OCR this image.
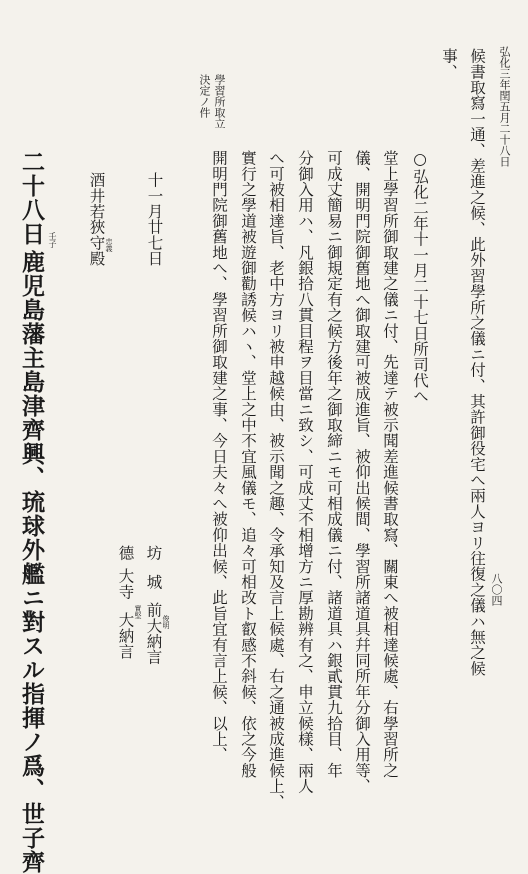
弘化三年閏五月二十八日
八〇四
學習所取立
決定ノ件	候書取寫一通、差進之候、此外習學所之儀ニ付、其許御役宅へ兩人ヨリ往復之儀ハ無之候
事、
○弘化二年十一月二十七日所司代へ
堂上學習所御取建之儀ニ付、先達テ被示聞差進候書取寫、關東へ被相達候處、右學習所之
儀、開明門院御舊地へ御取建可被成進旨、被仰出候間、學習所諸道具幷同所年分御入用等、
可成丈簡易ニ御規定有之候方後年之御取締ニモ可相成儀ニ付、諸道具ハ銀貳貫九拾目、年
分御入用ハ、凡銀拾八貫目程ヲ目當ニ致シ、可成丈不相增方ニ厚勘辨有之、申立候樣、兩人
へ可被相達旨、老中方ヨリ被申越候由、被示聞之趣、令承知及言上候處、右之通被成進候上、
實行之學道被遊御勸誘候ハヽ、堂上之中不宜風儀モ、追々可相改ト叡感不斜候、依之今般
開明門院御舊地へ、學習所御取建之事、今日夫々へ被仰出候、此旨宜有言上候、以上、
十一月廿七日
坊
城
前大納言 俊明
德
大寺
大納言 實堅
酒井若狹守殿 忠義
二十八日 壬子
鹿児島藩主島津齊興、琉球外艦ニ對スル指揮ノ爲、世子齊
